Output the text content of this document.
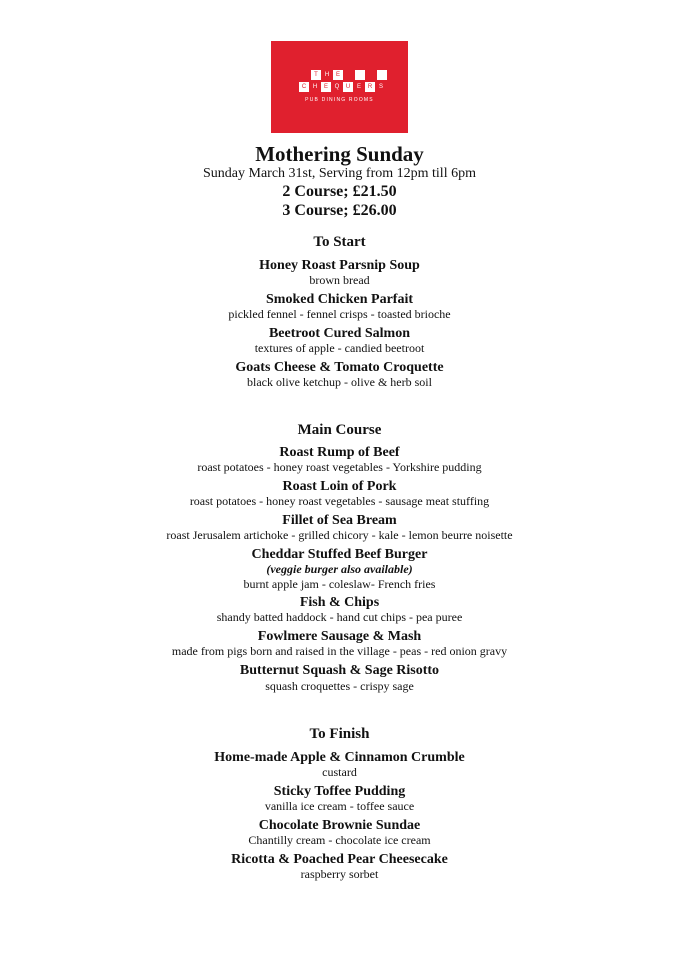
T	H	E
C	H	E	Q	U	E	R	S
PUB DINING ROOMS
Mothering Sunday
Sunday March 31st, Serving from 12pm till 6pm
2 Course; £21.50
3 Course; £26.00
To Start
Honey Roast Parsnip Soup
brown bread
Smoked Chicken Parfait
pickled fennel - fennel crisps - toasted brioche
Beetroot Cured Salmon
textures of apple - candied beetroot
Goats Cheese & Tomato Croquette
black olive ketchup - olive & herb soil
Main Course
Roast Rump of Beef
roast potatoes - honey roast vegetables - Yorkshire pudding
Roast Loin of Pork
roast potatoes - honey roast vegetables - sausage meat stuffing
Fillet of Sea Bream
roast Jerusalem artichoke - grilled chicory - kale - lemon beurre noisette
Cheddar Stuffed Beef Burger
(veggie burger also available)
burnt apple jam - coleslaw- French fries
Fish & Chips
shandy batted haddock - hand cut chips - pea puree
Fowlmere Sausage & Mash
made from pigs born and raised in the village - peas - red onion gravy
Butternut Squash & Sage Risotto
squash croquettes - crispy sage
To Finish
Home-made Apple & Cinnamon Crumble
custard
Sticky Toffee Pudding
vanilla ice cream - toffee sauce
Chocolate Brownie Sundae
Chantilly cream - chocolate ice cream
Ricotta & Poached Pear Cheesecake
raspberry sorbet
